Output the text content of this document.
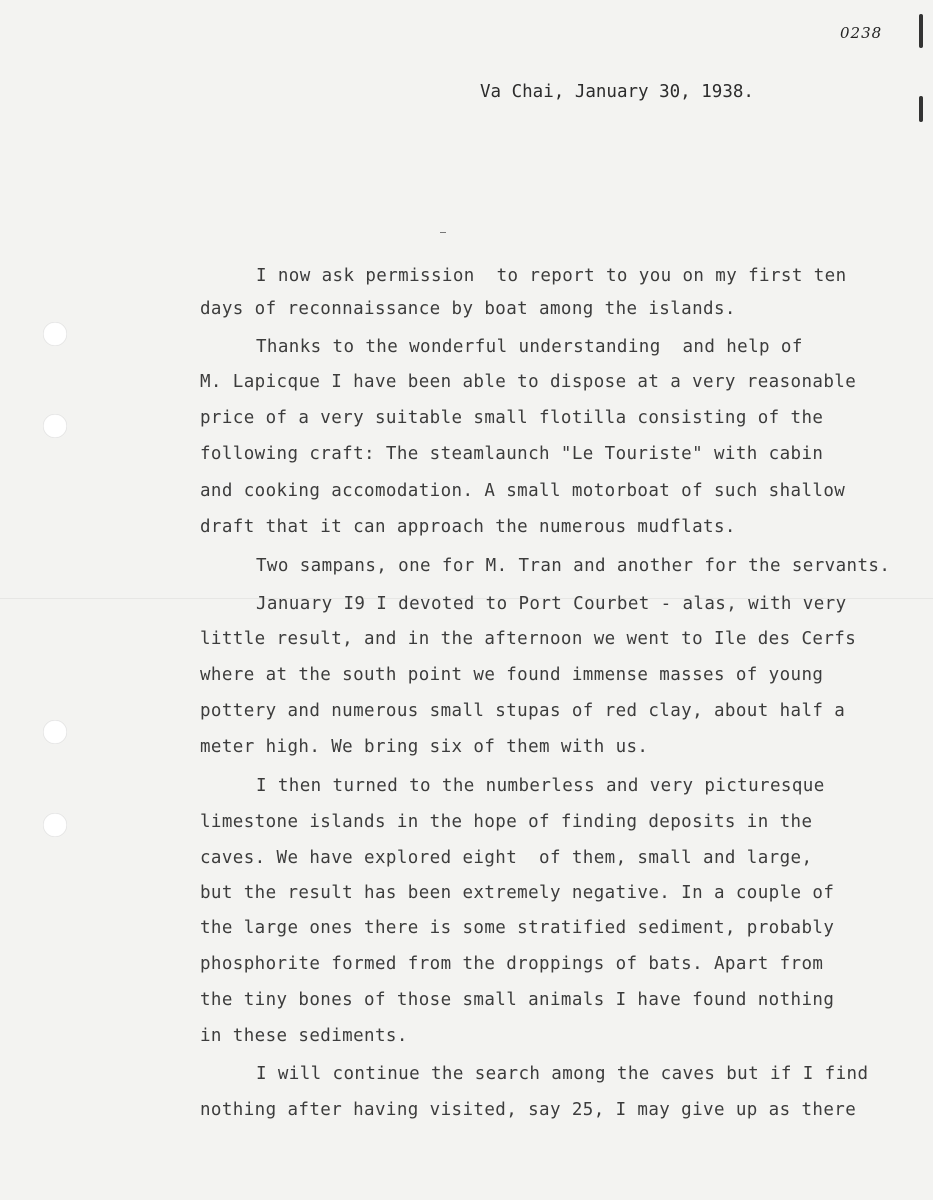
0238
Va Chai, January 30, 1938.
I now ask permission  to report to you on my first ten
days of reconnaissance by boat among the islands.
Thanks to the wonderful understanding  and help of
M. Lapicque I have been able to dispose at a very reasonable
price of a very suitable small flotilla consisting of the
following craft: The steamlaunch "Le Touriste" with cabin
and cooking accomodation. A small motorboat of such shallow
draft that it can approach the numerous mudflats.
Two sampans, one for M. Tran and another for the servants.
January I9 I devoted to Port Courbet - alas, with very
little result, and in the afternoon we went to Ile des Cerfs
where at the south point we found immense masses of young
pottery and numerous small stupas of red clay, about half a
meter high. We bring six of them with us.
I then turned to the numberless and very picturesque
limestone islands in the hope of finding deposits in the
caves. We have explored eight  of them, small and large,
but the result has been extremely negative. In a couple of
the large ones there is some stratified sediment, probably
phosphorite formed from the droppings of bats. Apart from
the tiny bones of those small animals I have found nothing
in these sediments.
I will continue the search among the caves but if I find
nothing after having visited, say 25, I may give up as there
